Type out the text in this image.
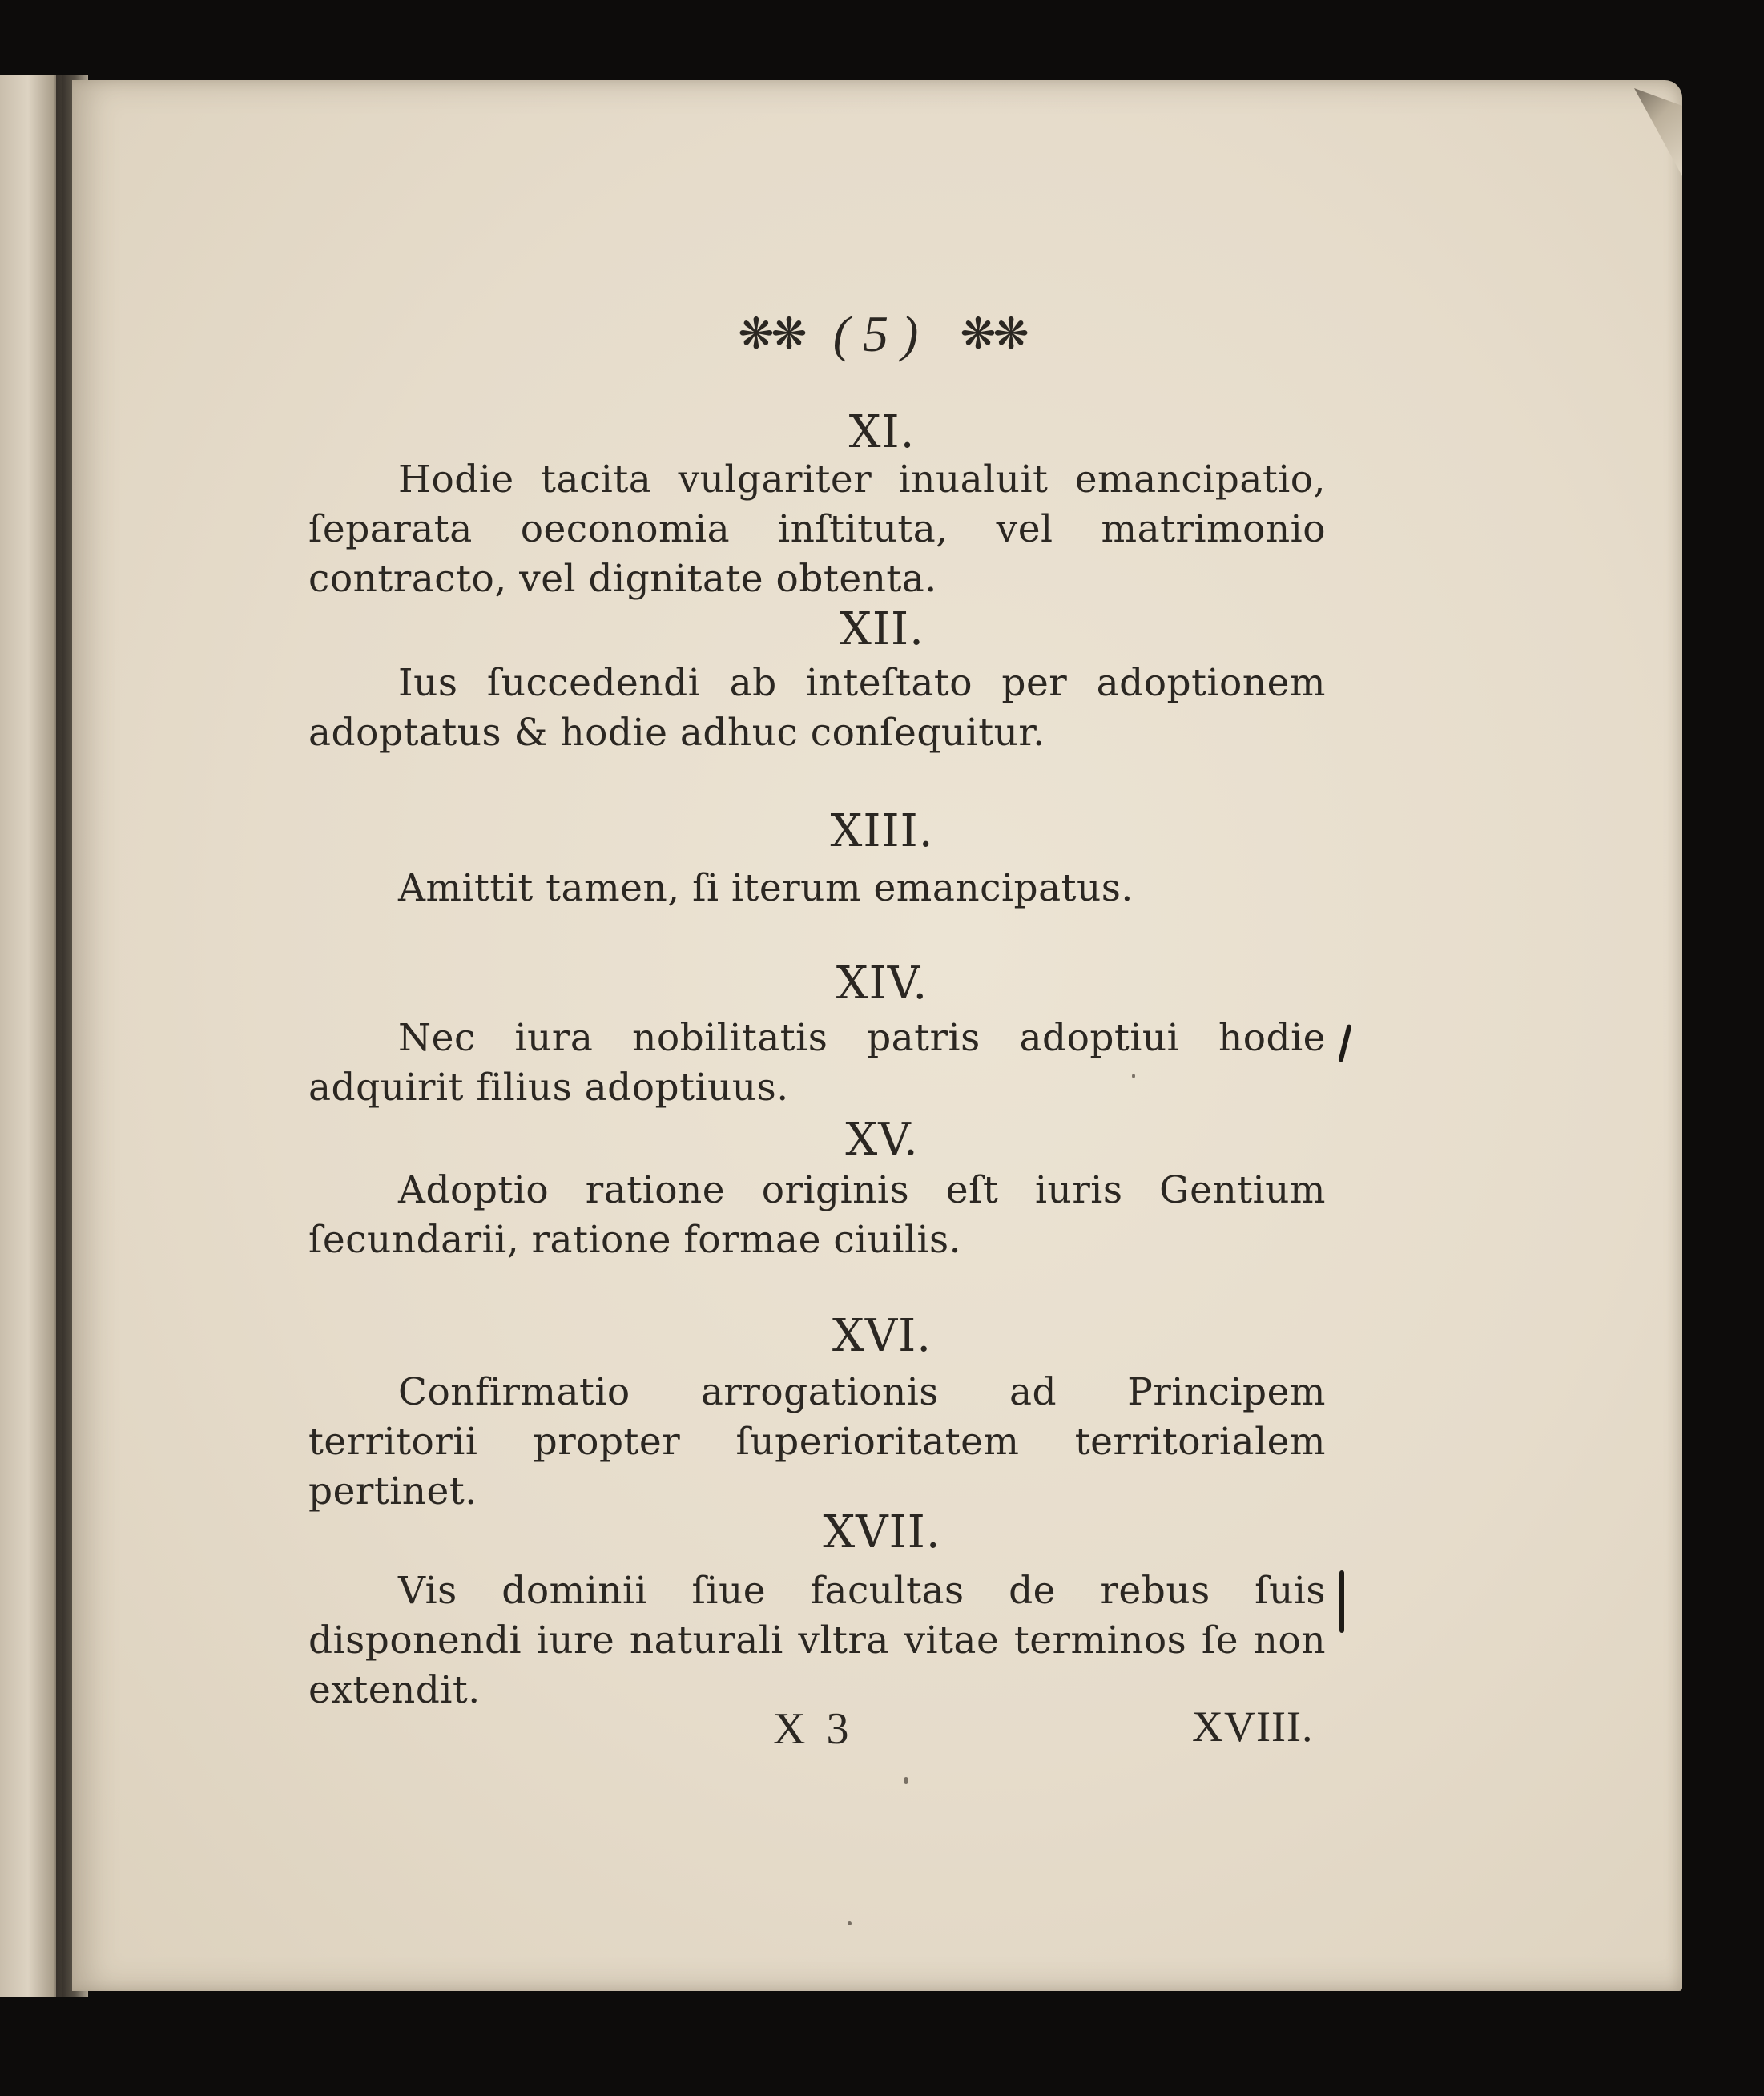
❋❋ (5) ❋❋
XI.
Hodie tacita vulgariter inualuit emancipatio, ſeparata oeconomia inſtituta, vel matrimonio contracto, vel dignitate obtenta.
XII.
Ius ſuccedendi ab inteſtato per adoptionem adoptatus & hodie adhuc conſequitur.
XIII.
Amittit tamen, ſi iterum emancipatus.
XIV.
Nec iura nobilitatis patris adoptiui hodie adquirit filius adoptiuus.
XV.
Adoptio ratione originis eſt iuris Gentium ſecundarii, ratione formae ciuilis.
XVI.
Confirmatio arrogationis ad Principem territorii propter ſuperioritatem territorialem pertinet.
XVII.
Vis dominii ſiue facultas de rebus ſuis disponendi iure naturali vltra vitae terminos ſe non extendit.
X 3	XVIII.
